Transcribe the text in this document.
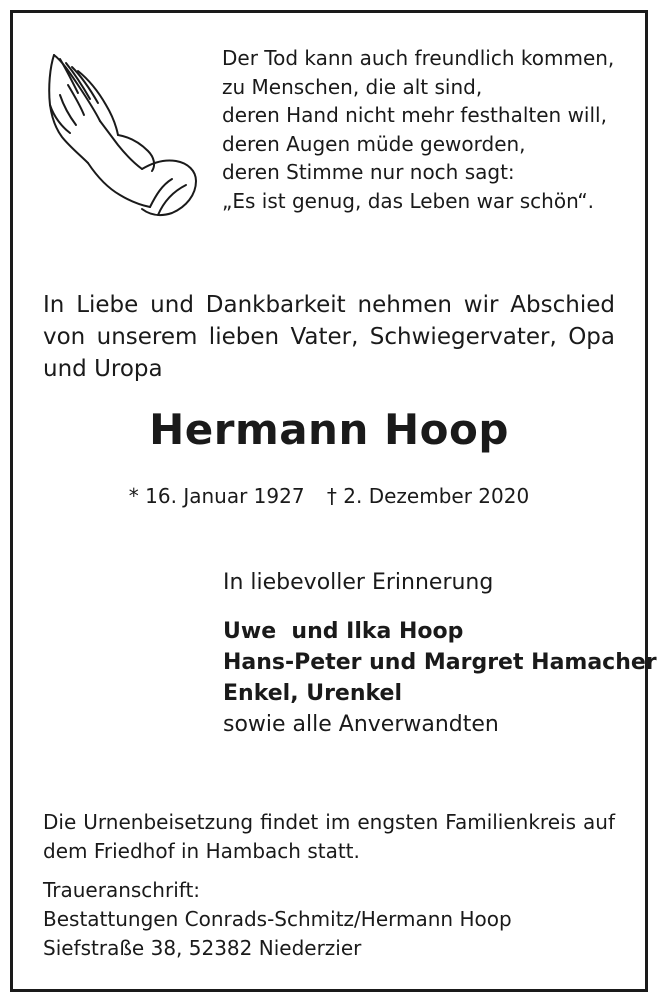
Der Tod kann auch freundlich kommen,
zu Menschen, die alt sind,
deren Hand nicht mehr festhalten will,
deren Augen müde geworden,
deren Stimme nur noch sagt:
„Es ist genug, das Leben war schön“.
In Liebe und Dankbarkeit nehmen wir Abschied von unserem lieben Vater, Schwiegervater, Opa und Uropa
Hermann Hoop
* 16. Januar 1927 † 2. Dezember 2020
In liebevoller Erinnerung
Uwe  und Ilka Hoop
Hans-Peter und Margret Hamacher
Enkel, Urenkel
sowie alle Anverwandten
Die Urnenbeisetzung findet im engsten Familienkreis auf dem Friedhof in Hambach statt.
Traueranschrift:
Bestattungen Conrads-Schmitz/Hermann Hoop
Siefstraße 38, 52382 Niederzier
